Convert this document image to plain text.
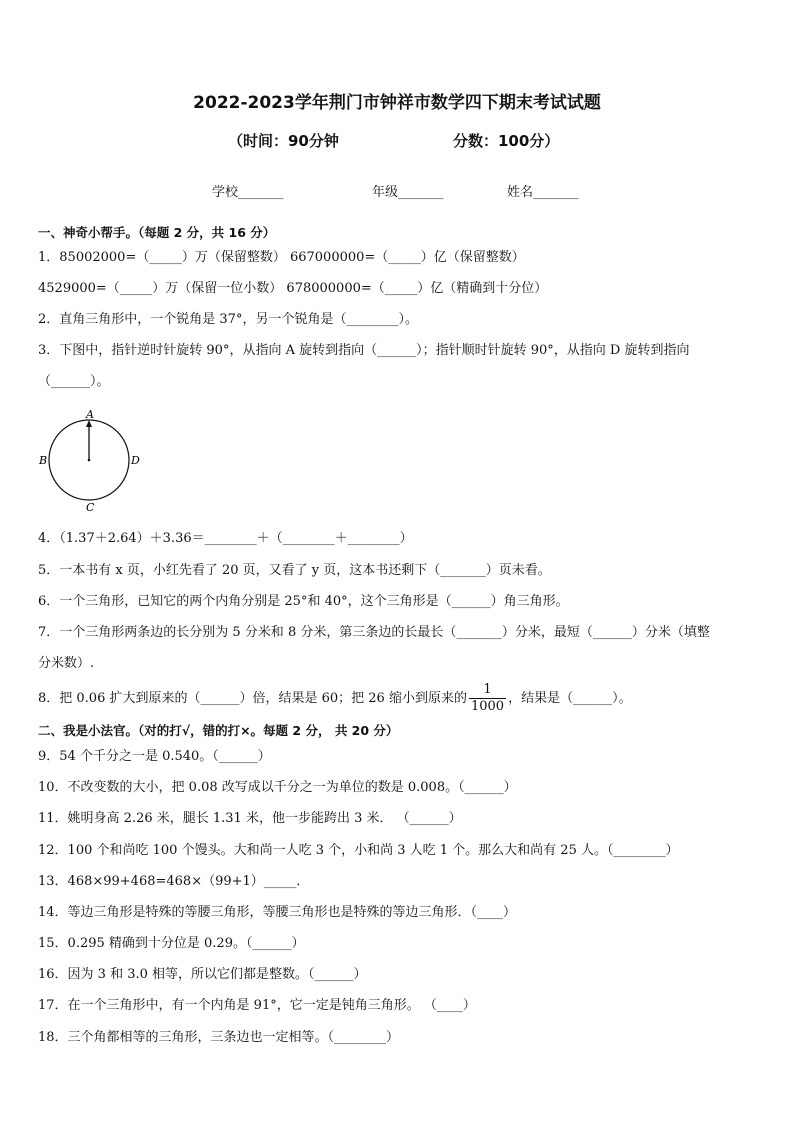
2022-2023学年荆门市钟祥市数学四下期末考试试题
（时间：90分钟	分数：100分）
学校_______	年级_______	姓名_______
一、神奇小帮手。（每题 2 分，共 16 分）
1．85002000=（_____）万（保留整数） 667000000=（_____）亿（保留整数）
4529000=（_____）万（保留一位小数） 678000000=（_____）亿（精确到十分位）
2．直角三角形中，一个锐角是 37°，另一个锐角是（________）。
3．下图中，指针逆时针旋转 90°，从指向 A 旋转到指向（______）；指针顺时针旋转 90°，从指向 D 旋转到指向
（______）。
A
B
C
D
4．（1.37＋2.64）＋3.36＝________＋（________＋________）
5．一本书有 x 页，小红先看了 20 页，又看了 y 页，这本书还剩下（_______）页未看。
6．一个三角形，已知它的两个内角分别是 25°和 40°，这个三角形是（______）角三角形。
7．一个三角形两条边的长分别为 5 分米和 8 分米，第三条边的长最长（_______）分米，最短（______）分米（填整
分米数）.
8．把 0.06 扩大到原来的（______）倍，结果是 60；把 26 缩小到原来的 $\frac{1}{1000}$ ，结果是（______）。
二、我是小法官。（对的打√，错的打×。每题 2 分， 共 20 分）
9．54 个千分之一是 0.540。（______）
10．不改变数的大小，把 0.08 改写成以千分之一为单位的数是 0.008。（______）
11．姚明身高 2.26 米，腿长 1.31 米，他一步能跨出 3 米． （______）
12．100 个和尚吃 100 个馒头。大和尚一人吃 3 个，小和尚 3 人吃 1 个。那么大和尚有 25 人。（________）
13．468×99+468=468×（99+1）_____．
14．等边三角形是特殊的等腰三角形，等腰三角形也是特殊的等边三角形．（____）
15．0.295 精确到十分位是 0.29。（______）
16．因为 3 和 3.0 相等，所以它们都是整数。（______）
17．在一个三角形中，有一个内角是 91°，它一定是钝角三角形。 （____）
18．三个角都相等的三角形，三条边也一定相等。（________）
